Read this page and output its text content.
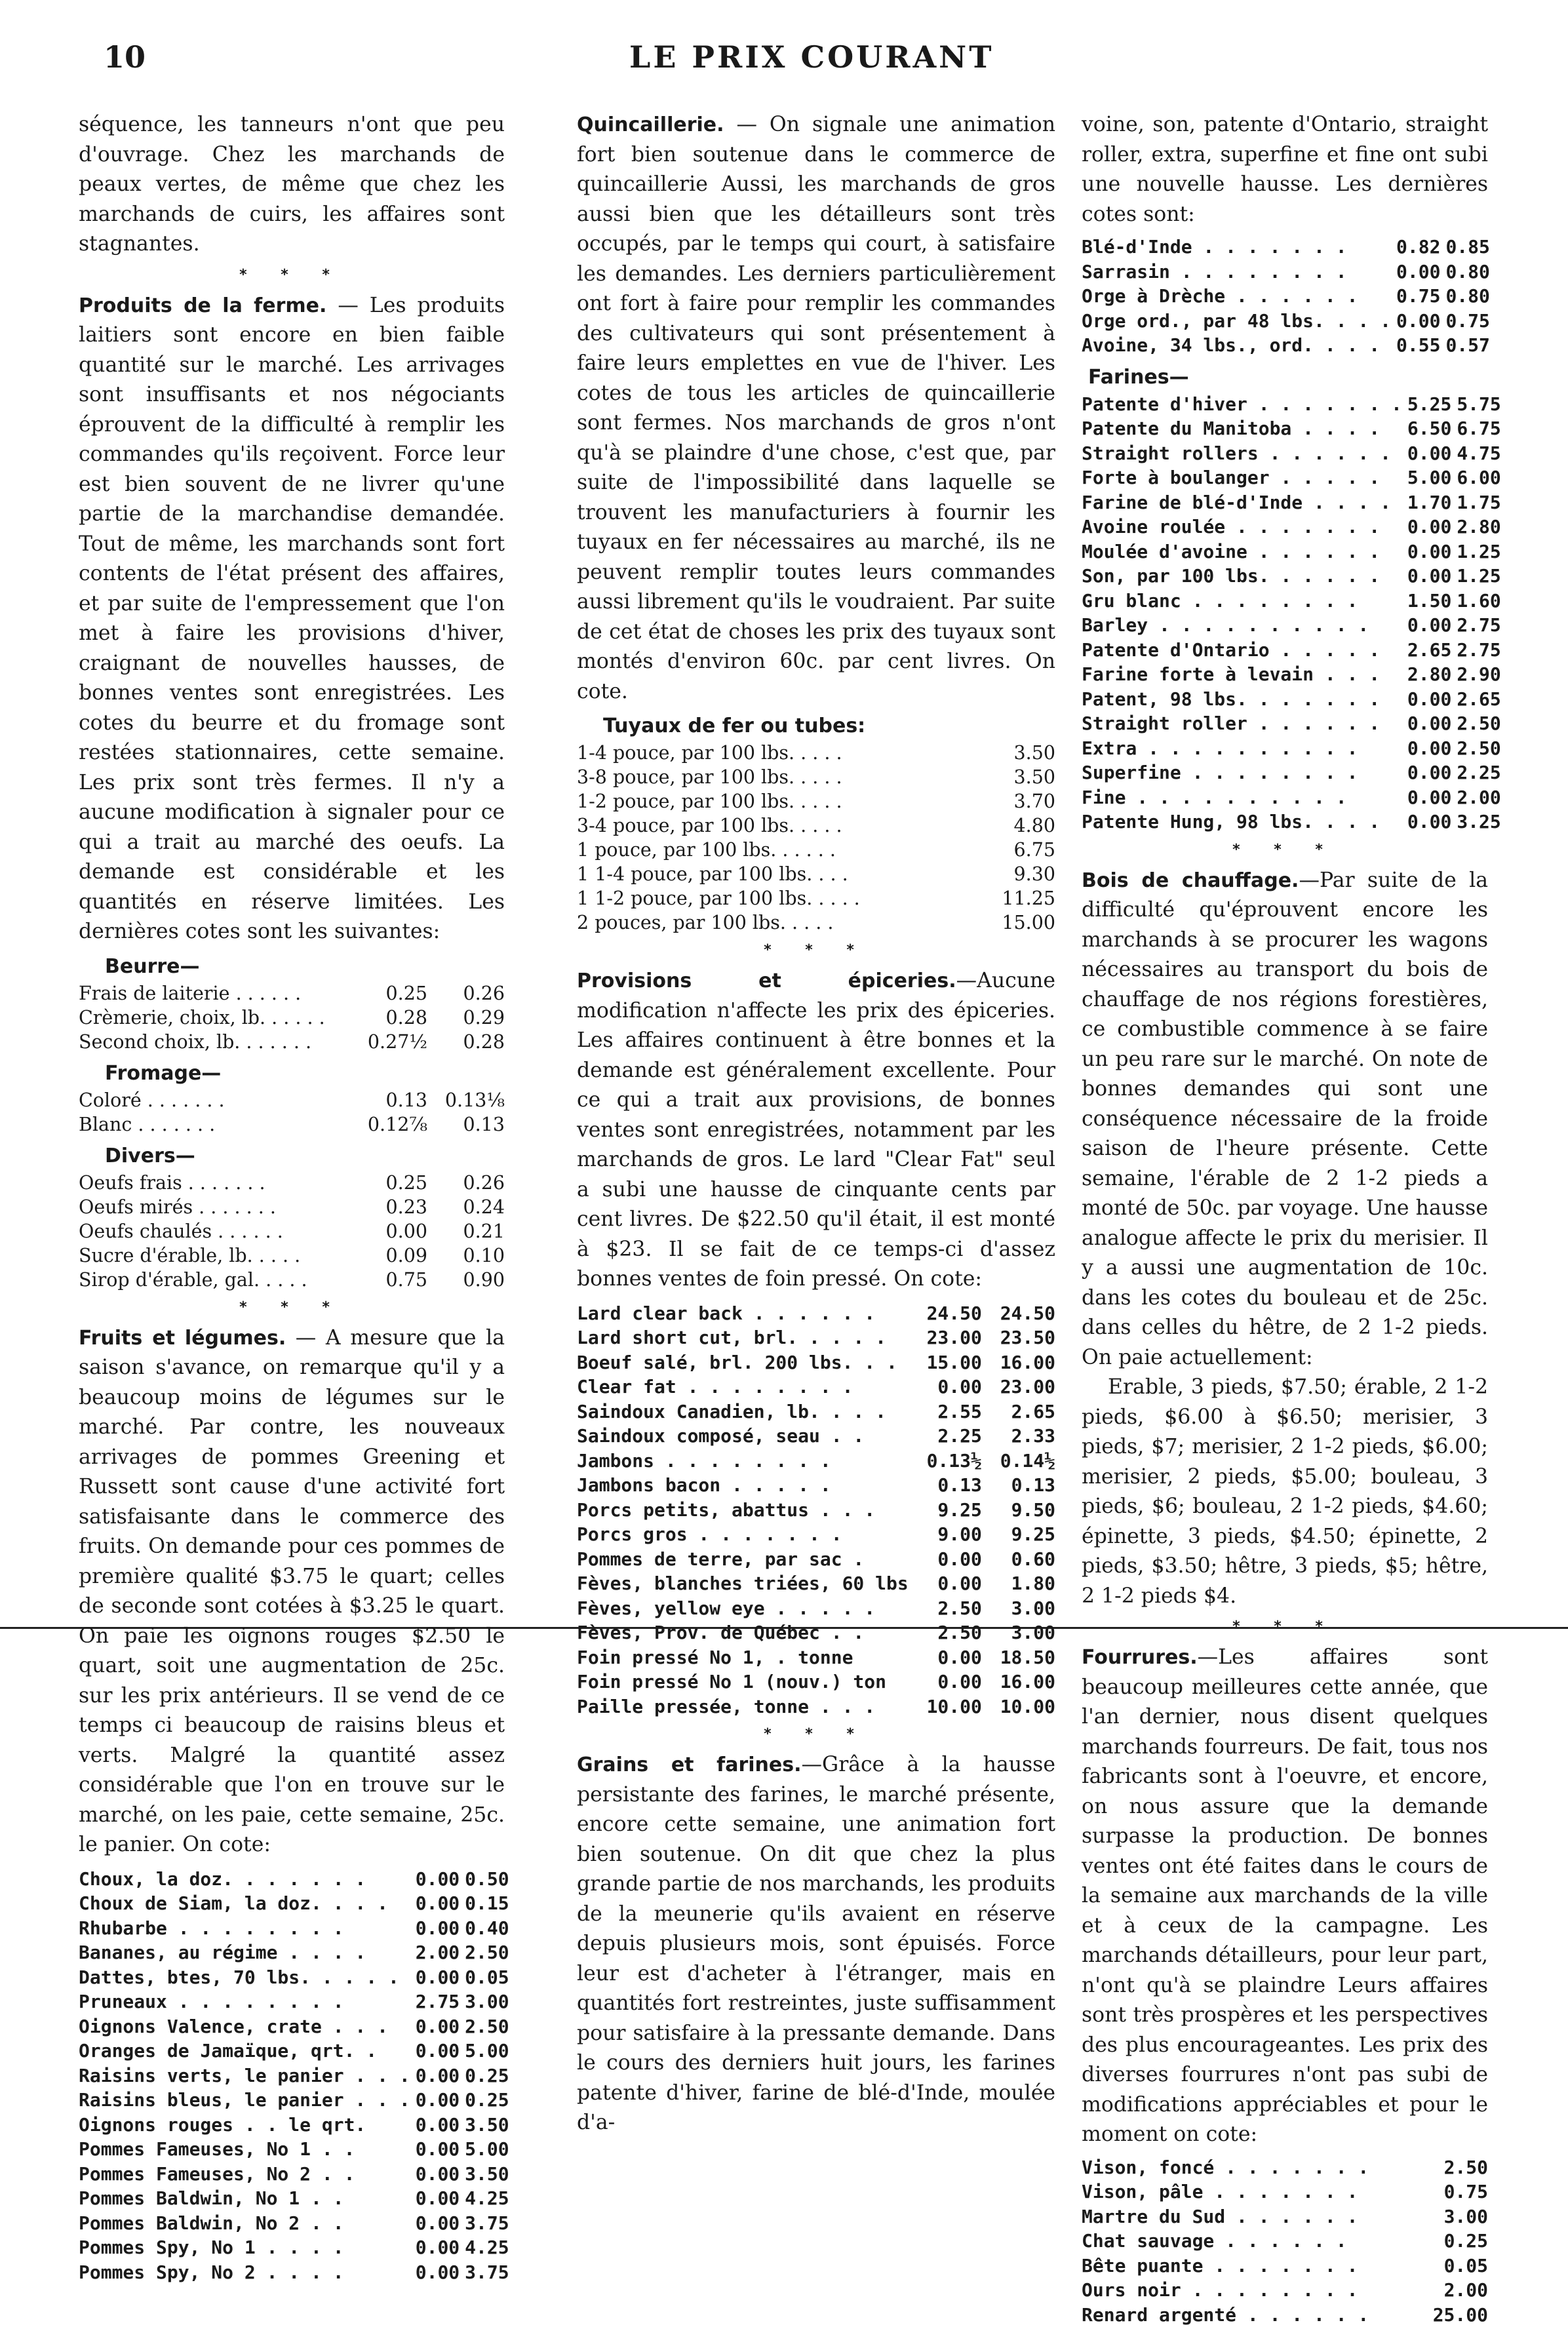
10	LE PRIX COURANT

séquence, les tanneurs n'ont que peu d'ouvrage. Chez les marchands de peaux vertes, de même que chez les marchands de cuirs, les affaires sont stagnantes.

* * *

Produits de la ferme. — Les produits laitiers sont encore en bien faible quantité sur le marché. Les arrivages sont insuffisants et nos négociants éprouvent de la difficulté à remplir les commandes qu'ils reçoivent. Force leur est bien souvent de ne livrer qu'une partie de la marchandise demandée. Tout de même, les marchands sont fort contents de l'état présent des affaires, et par suite de l'empressement que l'on met à faire les provisions d'hiver, craignant de nouvelles hausses, de bonnes ventes sont enregistrées. Les cotes du beurre et du fromage sont restées stationnaires, cette semaine. Les prix sont très fermes. Il n'y a aucune modification à signaler pour ce qui a trait au marché des oeufs. La demande est considérable et les quantités en réserve limitées. Les dernières cotes sont les suivantes:

Beurre—
Frais de laiterie . . . . . .	0.25	0.26
Crèmerie, choix, lb. . . . . .	0.28	0.29
Second choix, lb. . . . . . .	0.27½	0.28
Fromage—
Coloré . . . . . . .	0.13	0.13⅛
Blanc . . . . . . .	0.12⅞	0.13
Divers—
Oeufs frais . . . . . . .	0.25	0.26
Oeufs mirés . . . . . . .	0.23	0.24
Oeufs chaulés . . . . . .	0.00	0.21
Sucre d'érable, lb. . . . .	0.09	0.10
Sirop d'érable, gal. . . . .	0.75	0.90
* * *

Fruits et légumes. — A mesure que la saison s'avance, on remarque qu'il y a beaucoup moins de légumes sur le marché. Par contre, les nouveaux arrivages de pommes Greening et Russett sont cause d'une activité fort satisfaisante dans le commerce des fruits. On demande pour ces pommes de première qualité $3.75 le quart; celles de seconde sont cotées à $3.25 le quart. On paie les oignons rouges $2.50 le quart, soit une augmentation de 25c. sur les prix antérieurs. Il se vend de ce temps ci beaucoup de raisins bleus et verts. Malgré la quantité assez considérable que l'on en trouve sur le marché, on les paie, cette semaine, 25c. le panier. On cote:

Choux, la doz. . . . . . .	0.00	0.50
Choux de Siam, la doz. . . .	0.00	0.15
Rhubarbe . . . . . . . .	0.00	0.40
Bananes, au régime . . . .	2.00	2.50
Dattes, btes, 70 lbs. . . . .	0.00	0.05
Pruneaux . . . . . . . .	2.75	3.00
Oignons Valence, crate . . .	0.00	2.50
Oranges de Jamaïque, qrt. .	0.00	5.00
Raisins verts, le panier . . .	0.00	0.25
Raisins bleus, le panier . . .	0.00	0.25
Oignons rouges . . le qrt.	0.00	3.50
Pommes Fameuses, No 1 . .	0.00	5.00
Pommes Fameuses, No 2 . .	0.00	3.50
Pommes Baldwin, No 1 . .	0.00	4.25
Pommes Baldwin, No 2 . .	0.00	3.75
Pommes Spy, No 1 . . . .	0.00	4.25
Pommes Spy, No 2 . . . .	0.00	3.75

Quincaillerie. — On signale une animation fort bien soutenue dans le commerce de quincaillerie Aussi, les marchands de gros aussi bien que les détailleurs sont très occupés, par le temps qui court, à satisfaire les demandes. Les derniers particulièrement ont fort à faire pour remplir les commandes des cultivateurs qui sont présentement à faire leurs emplettes en vue de l'hiver. Les cotes de tous les articles de quincaillerie sont fermes. Nos marchands de gros n'ont qu'à se plaindre d'une chose, c'est que, par suite de l'impossibilité dans laquelle se trouvent les manufacturiers à fournir les tuyaux en fer nécessaires au marché, ils ne peuvent remplir toutes leurs commandes aussi librement qu'ils le voudraient. Par suite de cet état de choses les prix des tuyaux sont montés d'environ 60c. par cent livres. On cote.

Tuyaux de fer ou tubes:
1-4 pouce, par 100 lbs. . . . .	3.50
3-8 pouce, par 100 lbs. . . . .	3.50
1-2 pouce, par 100 lbs. . . . .	3.70
3-4 pouce, par 100 lbs. . . . .	4.80
1 pouce, par 100 lbs. . . . . .	6.75
1 1-4 pouce, par 100 lbs. . . .	9.30
1 1-2 pouce, par 100 lbs. . . . .	11.25
2 pouces, par 100 lbs. . . . .	15.00
* * *

Provisions et épiceries.—Aucune modification n'affecte les prix des épiceries. Les affaires continuent à être bonnes et la demande est généralement excellente. Pour ce qui a trait aux provisions, de bonnes ventes sont enregistrées, notamment par les marchands de gros. Le lard "Clear Fat" seul a subi une hausse de cinquante cents par cent livres. De $22.50 qu'il était, il est monté à $23. Il se fait de ce temps-ci d'assez bonnes ventes de foin pressé. On cote:

Lard clear back . . . . . .	24.50	24.50
Lard short cut, brl. . . . .	23.00	23.50
Boeuf salé, brl. 200 lbs. . .	15.00	16.00
Clear fat . . . . . . . .	0.00	23.00
Saindoux Canadien, lb. . . .	2.55	2.65
Saindoux composé, seau . .	2.25	2.33
Jambons . . . . . . . .	0.13½	0.14½
Jambons bacon . . . . .	0.13	0.13
Porcs petits, abattus . . .	9.25	9.50
Porcs gros . . . . . . .	9.00	9.25
Pommes de terre, par sac .	0.00	0.60
Fèves, blanches triées, 60 lbs	0.00	1.80
Fèves, yellow eye . . . . .	2.50	3.00
Fèves, Prov. de Québec . .	2.50	3.00
Foin pressé No 1, . tonne	0.00	18.50
Foin pressé No 1 (nouv.) ton	0.00	16.00
Paille pressée, tonne . . .	10.00	10.00
* * *

Grains et farines.—Grâce à la hausse persistante des farines, le marché présente, encore cette semaine, une animation fort bien soutenue. On dit que chez la plus grande partie de nos marchands, les produits de la meunerie qu'ils avaient en réserve depuis plusieurs mois, sont épuisés. Force leur est d'acheter à l'étranger, mais en quantités fort restreintes, juste suffisamment pour satisfaire à la pressante demande. Dans le cours des derniers huit jours, les farines patente d'hiver, farine de blé-d'Inde, moulée d'a-

voine, son, patente d'Ontario, straight roller, extra, superfine et fine ont subi une nouvelle hausse. Les dernières cotes sont:

Blé-d'Inde . . . . . . .	0.82	0.85
Sarrasin . . . . . . . .	0.00	0.80
Orge à Drèche . . . . . .	0.75	0.80
Orge ord., par 48 lbs. . . .	0.00	0.75
Avoine, 34 lbs., ord. . . .	0.55	0.57
Farines—
Patente d'hiver . . . . . . .	5.25	5.75
Patente du Manitoba . . . .	6.50	6.75
Straight rollers . . . . . .	0.00	4.75
Forte à boulanger . . . . .	5.00	6.00
Farine de blé-d'Inde . . . .	1.70	1.75
Avoine roulée . . . . . . .	0.00	2.80
Moulée d'avoine . . . . . .	0.00	1.25
Son, par 100 lbs. . . . . .	0.00	1.25
Gru blanc . . . . . . . .	1.50	1.60
Barley . . . . . . . . . .	0.00	2.75
Patente d'Ontario . . . . .	2.65	2.75
Farine forte à levain . . .	2.80	2.90
Patent, 98 lbs. . . . . . .	0.00	2.65
Straight roller . . . . . .	0.00	2.50
Extra . . . . . . . . . .	0.00	2.50
Superfine . . . . . . . .	0.00	2.25
Fine . . . . . . . . . .	0.00	2.00
Patente Hung, 98 lbs. . . .	0.00	3.25
* * *

Bois de chauffage.—Par suite de la difficulté qu'éprouvent encore les marchands à se procurer les wagons nécessaires au transport du bois de chauffage de nos régions forestières, ce combustible commence à se faire un peu rare sur le marché. On note de bonnes demandes qui sont une conséquence nécessaire de la froide saison de l'heure présente. Cette semaine, l'érable de 2 1-2 pieds a monté de 50c. par voyage. Une hausse analogue affecte le prix du merisier. Il y a aussi une augmentation de 10c. dans les cotes du bouleau et de 25c. dans celles du hêtre, de 2 1-2 pieds. On paie actuellement:

Erable, 3 pieds, $7.50; érable, 2 1-2 pieds, $6.00 à $6.50; merisier, 3 pieds, $7; merisier, 2 1-2 pieds, $6.00; merisier, 2 pieds, $5.00; bouleau, 3 pieds, $6; bouleau, 2 1-2 pieds, $4.60; épinette, 3 pieds, $4.50; épinette, 2 pieds, $3.50; hêtre, 3 pieds, $5; hêtre, 2 1-2 pieds $4.

* * *

Fourrures.—Les affaires sont beaucoup meilleures cette année, que l'an dernier, nous disent quelques marchands fourreurs. De fait, tous nos fabricants sont à l'oeuvre, et encore, on nous assure que la demande surpasse la production. De bonnes ventes ont été faites dans le cours de la semaine aux marchands de la ville et à ceux de la campagne. Les marchands détailleurs, pour leur part, n'ont qu'à se plaindre Leurs affaires sont très prospères et les perspectives des plus encourageantes. Les prix des diverses fourrures n'ont pas subi de modifications appréciables et pour le moment on cote:

Vison, foncé . . . . . . .	2.50
Vison, pâle . . . . . . .	0.75
Martre du Sud . . . . . .	3.00
Chat sauvage . . . . . .	0.25
Bête puante . . . . . . .	0.05
Ours noir . . . . . . . .	2.00
Renard argenté . . . . . .	25.00
